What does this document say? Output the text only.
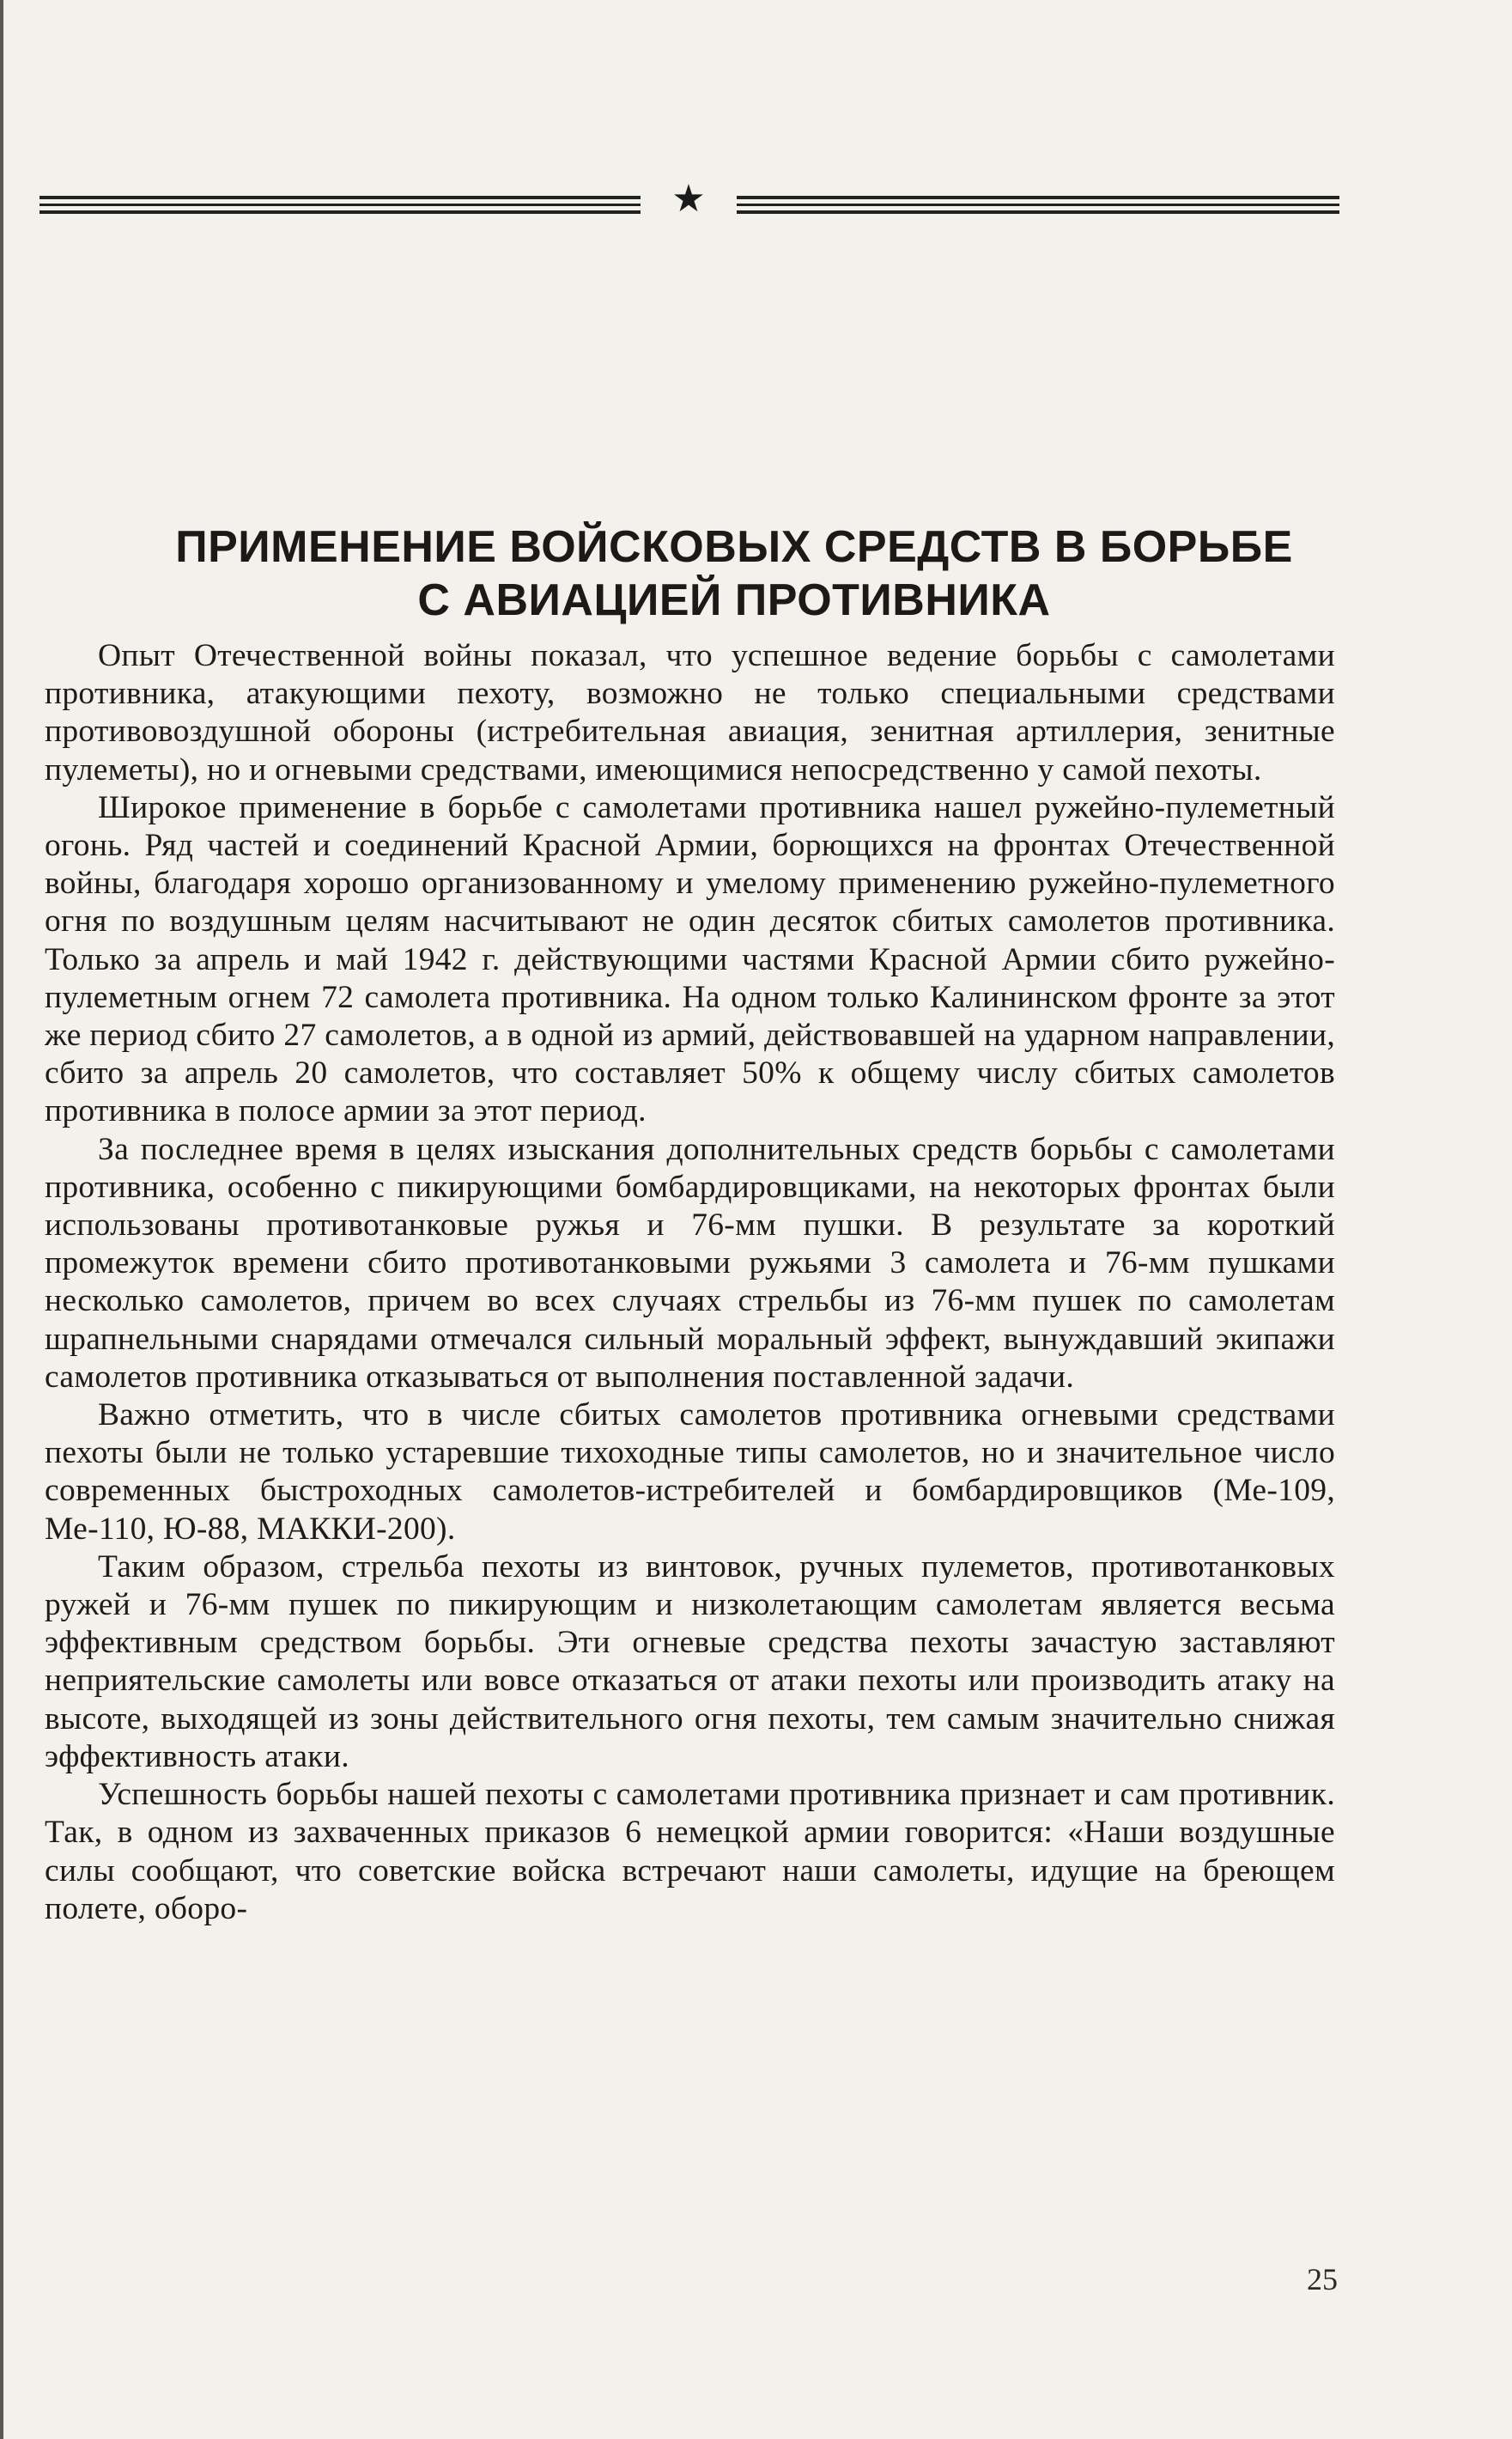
★
ПРИМЕНЕНИЕ ВОЙСКОВЫХ СРЕДСТВ В БОРЬБЕ
С АВИАЦИЕЙ ПРОТИВНИКА

Опыт Отечественной войны показал, что успешное ведение борьбы с самолетами противника, атакующими пехоту, возможно не только специальными средствами противовоздушной обороны (истребительная авиация, зенитная артиллерия, зенитные пулеметы), но и огневыми средствами, имеющимися непосредственно у самой пехоты.

Широкое применение в борьбе с самолетами противника нашел ружейно-пулеметный огонь. Ряд частей и соединений Красной Армии, борющихся на фронтах Отечественной войны, благодаря хорошо организованному и умелому применению ружейно-пулеметного огня по воздушным целям насчитывают не один десяток сбитых самолетов противника. Только за апрель и май 1942 г. действующими частями Красной Армии сбито ружейно-пулеметным огнем 72 самолета противника. На одном только Калининском фронте за этот же период сбито 27 самолетов, а в одной из армий, действовавшей на ударном направлении, сбито за апрель 20 самолетов, что составляет 50% к общему числу сбитых самолетов противника в полосе армии за этот период.

За последнее время в целях изыскания дополнительных средств борьбы с самолетами противника, особенно с пикирующими бомбардировщиками, на некоторых фронтах были использованы противотанковые ружья и 76-мм пушки. В результате за короткий промежуток времени сбито противотанковыми ружьями 3 самолета и 76-мм пушками несколько самолетов, причем во всех случаях стрельбы из 76-мм пушек по самолетам шрапнельными снарядами отмечался сильный моральный эффект, вынуждавший экипажи самолетов противника отказываться от выполнения поставленной задачи.

Важно отметить, что в числе сбитых самолетов противника огневыми средствами пехоты были не только устаревшие тихоходные типы самолетов, но и значительное число современных быстроходных самолетов-истребителей и бомбардировщиков (Ме-109, Ме-110, Ю-88, МАККИ-200).

Таким образом, стрельба пехоты из винтовок, ручных пулеметов, противотанковых ружей и 76-мм пушек по пикирующим и низколетающим самолетам является весьма эффективным средством борьбы. Эти огневые средства пехоты зачастую заставляют неприятельские самолеты или вовсе отказаться от атаки пехоты или производить атаку на высоте, выходящей из зоны действительного огня пехоты, тем самым значительно снижая эффективность атаки.

Успешность борьбы нашей пехоты с самолетами противника признает и сам противник. Так, в одном из захваченных приказов 6 немецкой армии говорится: «Наши воздушные силы сообщают, что советские войска встречают наши самолеты, идущие на бреющем полете, оборо-

25
